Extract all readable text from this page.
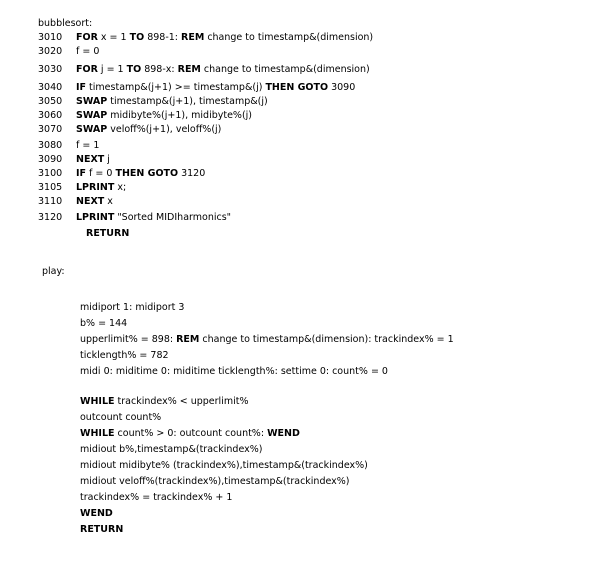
bubblesort:
3010 FOR x = 1 TO 898-1: REM change to timestamp&(dimension)
3020 f = 0
3030 FOR j = 1 TO 898-x: REM change to timestamp&(dimension)
3040 IF timestamp&(j+1) >= timestamp&(j) THEN GOTO 3090
3050 SWAP timestamp&(j+1), timestamp&(j)
3060 SWAP midibyte%(j+1), midibyte%(j)
3070 SWAP veloff%(j+1), veloff%(j)
3080 f = 1
3090 NEXT j
3100 IF f = 0 THEN GOTO 3120
3105 LPRINT x;
3110 NEXT x
3120 LPRINT "Sorted MIDIharmonics"
RETURN
play:
midiport 1: midiport 3
b% = 144
upperlimit% = 898: REM change to timestamp&(dimension): trackindex% = 1
ticklength% = 782
midi 0: miditime 0: miditime ticklength%: settime 0: count% = 0
WHILE trackindex% < upperlimit%
outcount count%
WHILE count% > 0: outcount count%: WEND
midiout b%,timestamp&(trackindex%)
midiout midibyte% (trackindex%),timestamp&(trackindex%)
midiout veloff%(trackindex%),timestamp&(trackindex%)
trackindex% = trackindex% + 1
WEND
RETURN
